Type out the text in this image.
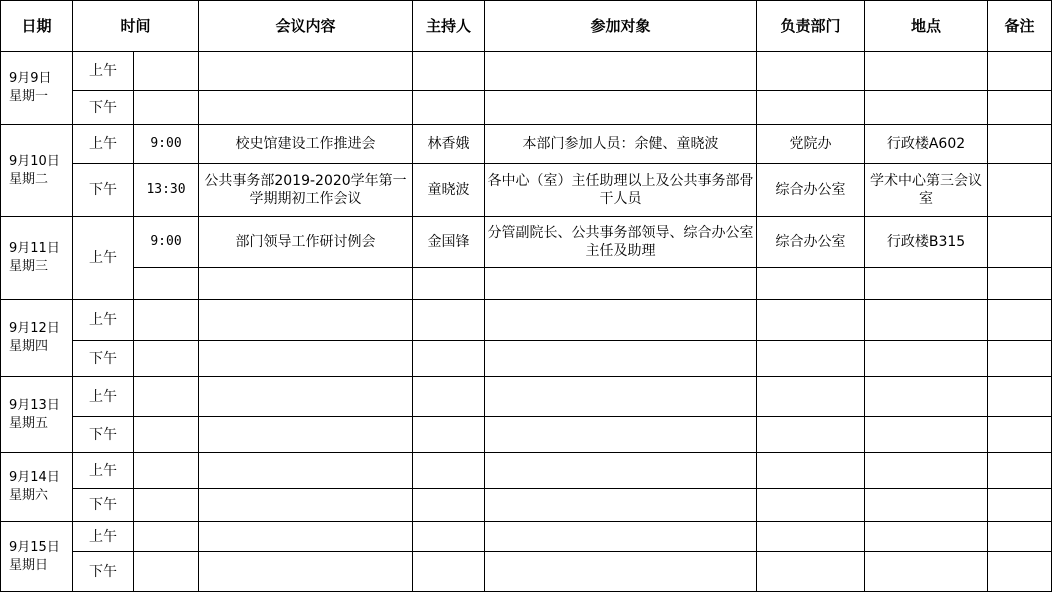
日期	时间		会议内容	主持人	参加对象	负责部门	地点	备注

9月9日
星期一	上午							
	下午							

9月10日
星期二	上午	9:00	校史馆建设工作推进会	林香娥	本部门参加人员：余健、童晓波	党院办	行政楼A602	
	下午	13:30	公共事务部2019-2020学年第一学期期初工作会议	童晓波	各中心（室）主任助理以上及公共事务部骨干人员	综合办公室	学术中心第三会议室	

9月11日
星期三	上午	9:00	部门领导工作研讨例会	金国锋	分管副院长、公共事务部领导、综合办公室主任及助理	综合办公室	行政楼B315	

9月12日
星期四	上午							
	下午							

9月13日
星期五	上午							
	下午							

9月14日
星期六	上午							
	下午							

9月15日
星期日	上午							
	下午							
